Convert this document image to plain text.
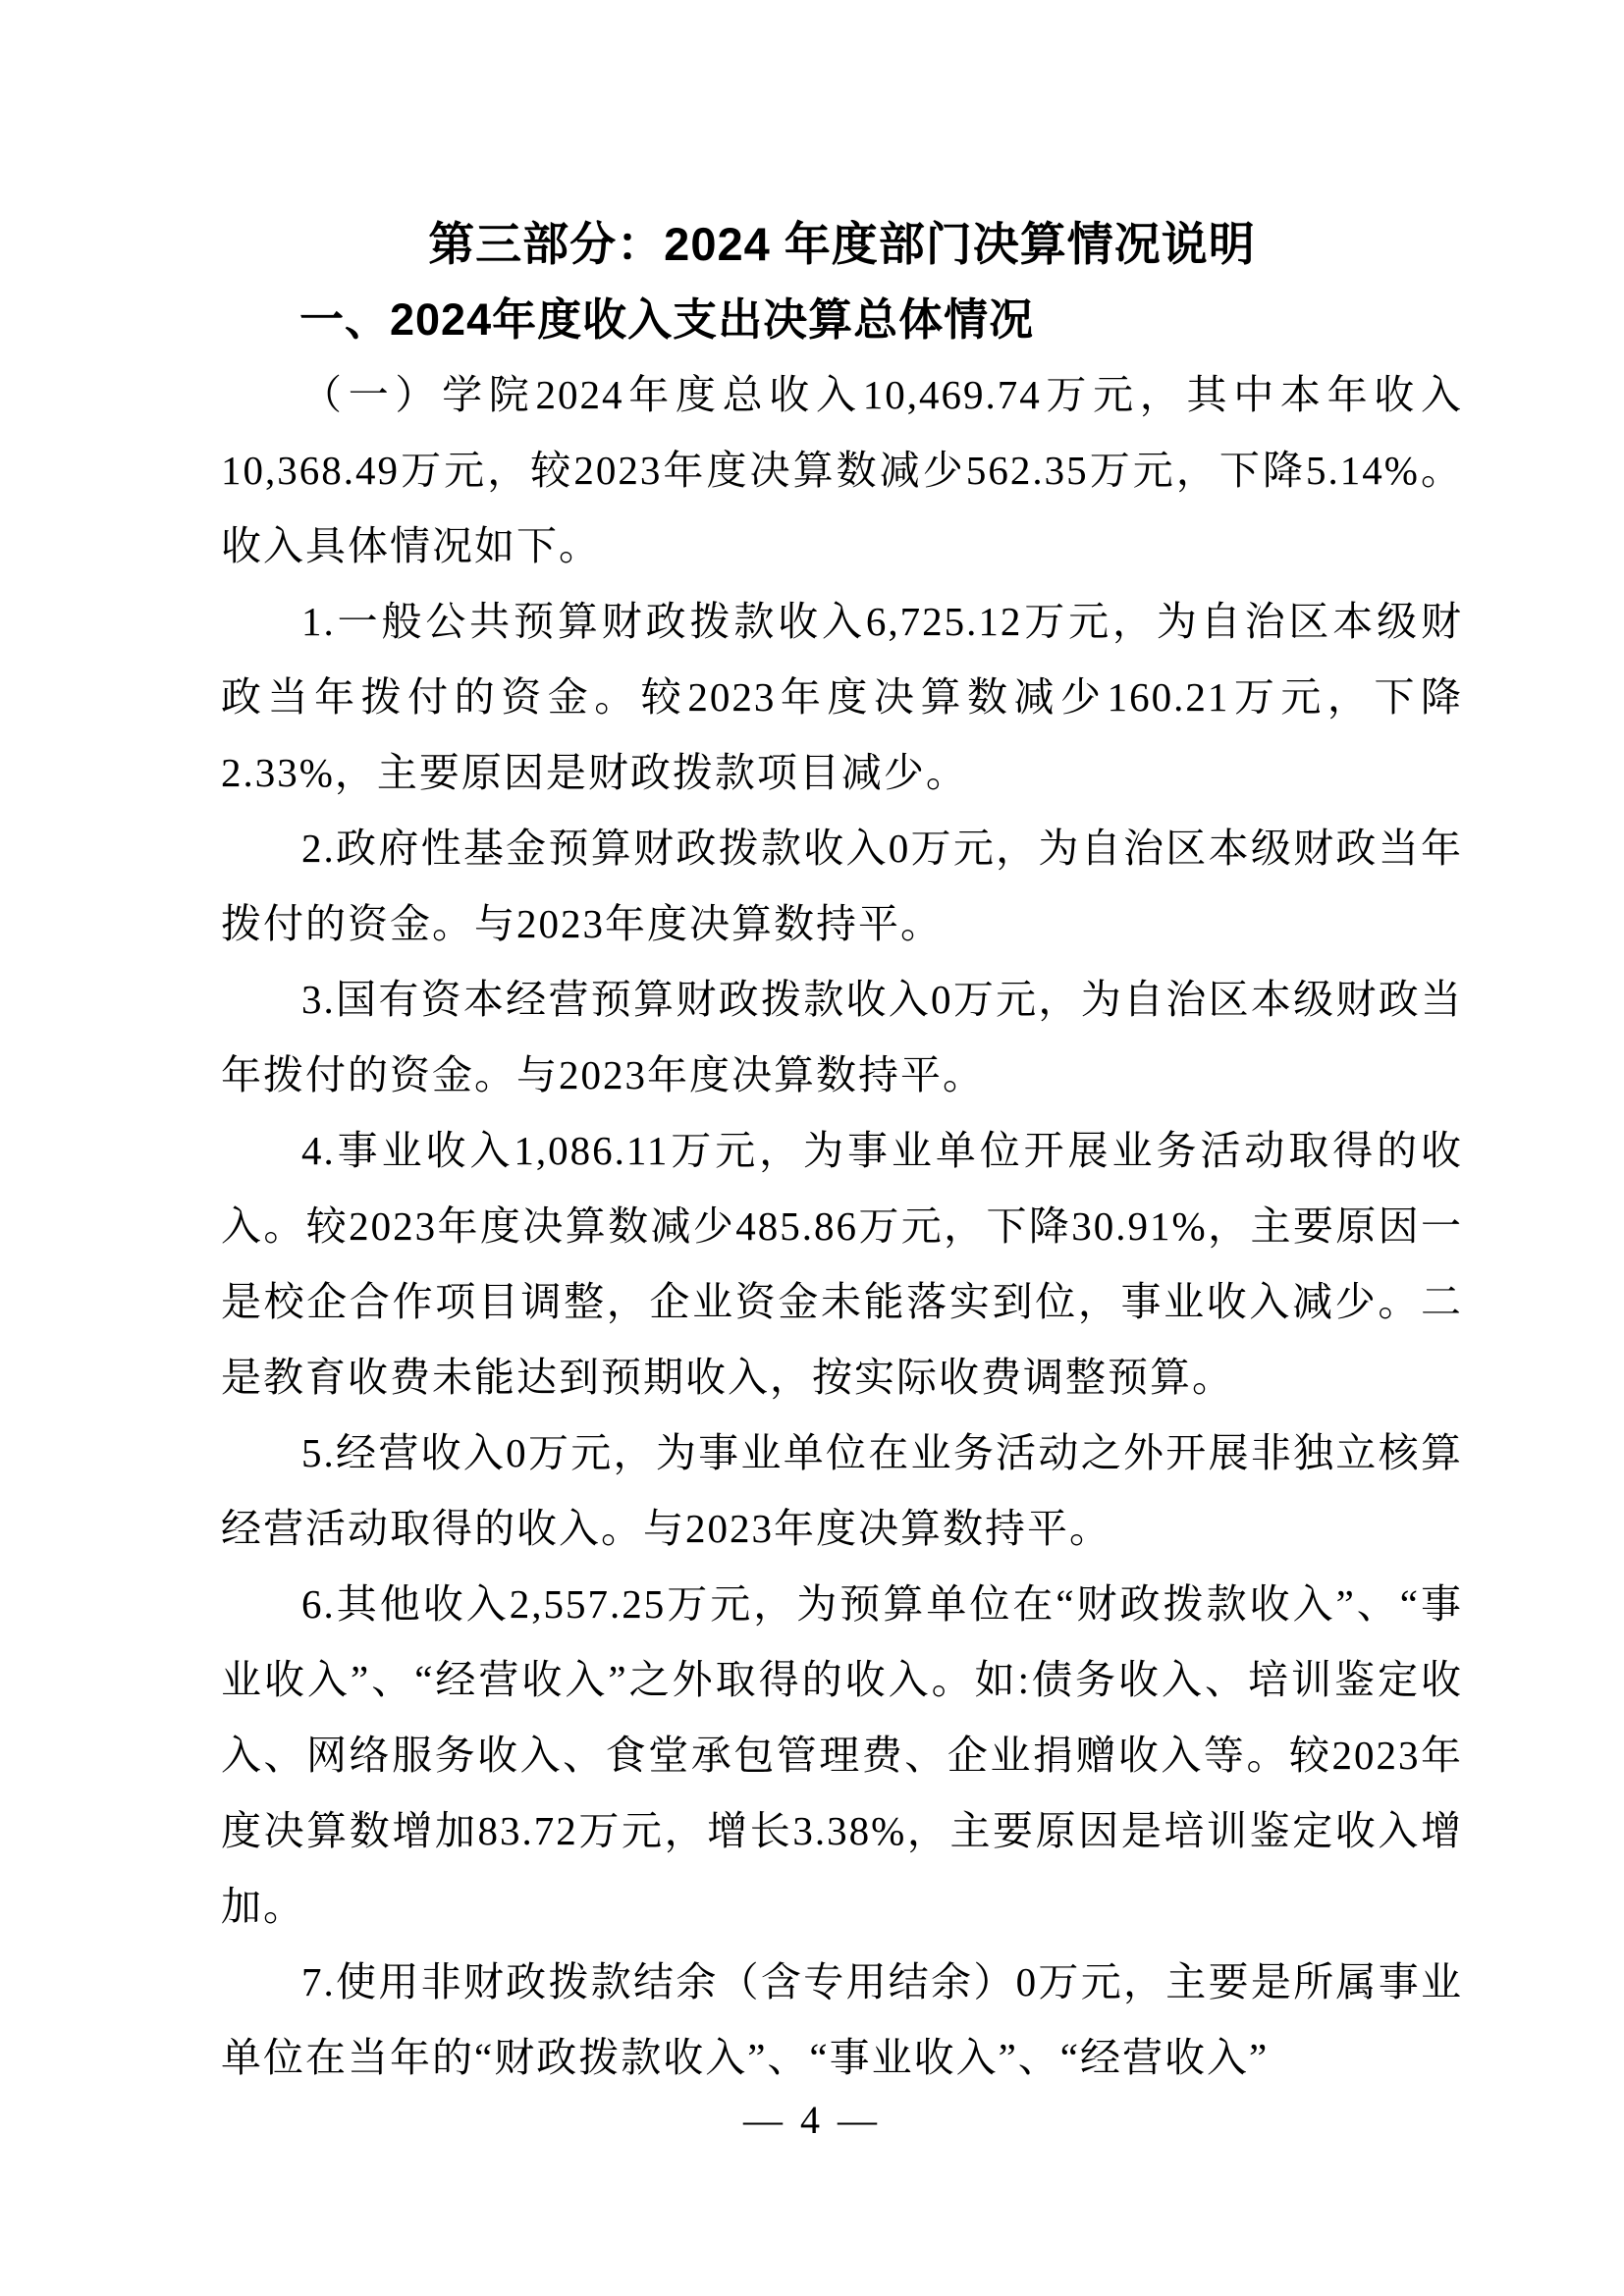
第三部分：2024 年度部门决算情况说明
一、2024年度收入支出决算总体情况

（一）学院2024年度总收入10,469.74万元，其中本年收入10,368.49万元，较2023年度决算数减少562.35万元，下降5.14%。收入具体情况如下。

1.一般公共预算财政拨款收入6,725.12万元，为自治区本级财政当年拨付的资金。较2023年度决算数减少160.21万元，下降2.33%，主要原因是财政拨款项目减少。

2.政府性基金预算财政拨款收入0万元，为自治区本级财政当年拨付的资金。与2023年度决算数持平。

3.国有资本经营预算财政拨款收入0万元，为自治区本级财政当年拨付的资金。与2023年度决算数持平。

4.事业收入1,086.11万元，为事业单位开展业务活动取得的收入。较2023年度决算数减少485.86万元，下降30.91%，主要原因一是校企合作项目调整，企业资金未能落实到位，事业收入减少。二是教育收费未能达到预期收入，按实际收费调整预算。

5.经营收入0万元，为事业单位在业务活动之外开展非独立核算经营活动取得的收入。与2023年度决算数持平。

6.其他收入2,557.25万元，为预算单位在“财政拨款收入”、“事业收入”、“经营收入”之外取得的收入。如:债务收入、培训鉴定收入、网络服务收入、食堂承包管理费、企业捐赠收入等。较2023年度决算数增加83.72万元，增长3.38%，主要原因是培训鉴定收入增加。

7.使用非财政拨款结余（含专用结余）0万元，主要是所属事业单位在当年的“财政拨款收入”、“事业收入”、“经营收入”

— 4 —
